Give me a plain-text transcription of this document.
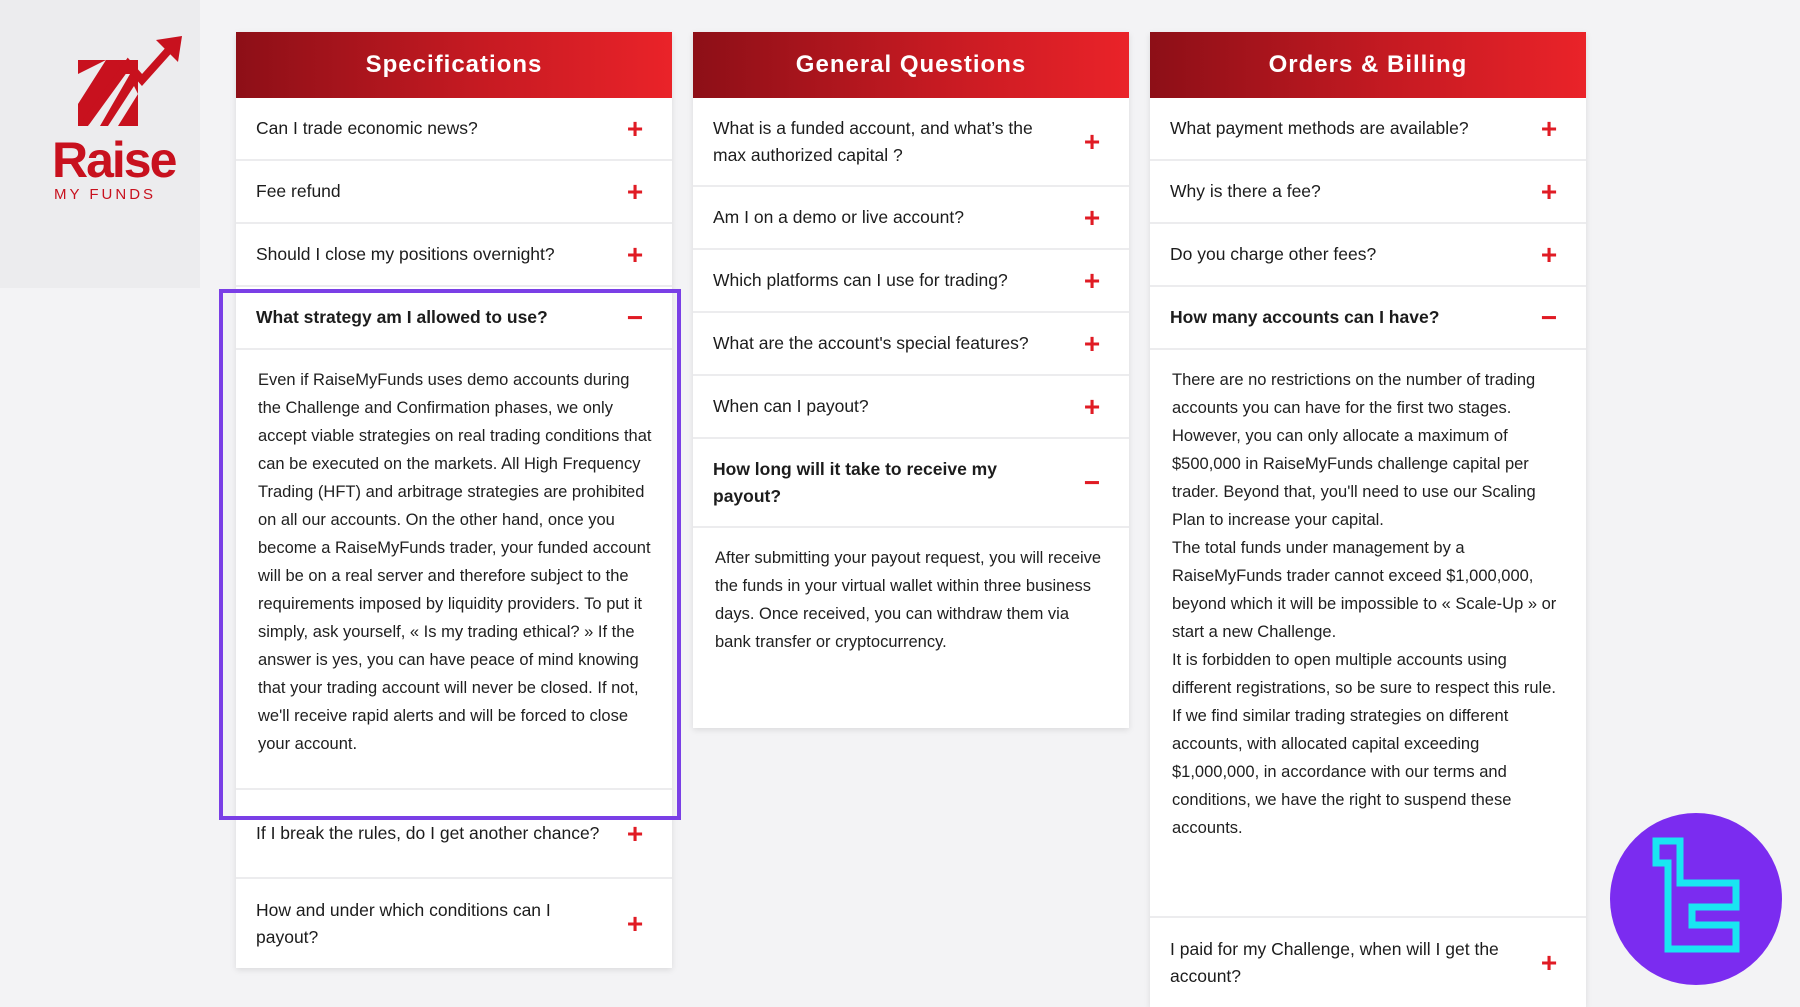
Raise
MY FUNDS
Specifications
Can I trade economic news?	+
Fee refund	+
Should I close my positions overnight?	+
What strategy am I allowed to use?	−

Even if RaiseMyFunds uses demo accounts during the Challenge and Confirmation phases, we only accept viable strategies on real trading conditions that can be executed on the markets. All High Frequency Trading (HFT) and arbitrage strategies are prohibited on all our accounts. On the other hand, once you become a RaiseMyFunds trader, your funded account will be on a real server and therefore subject to the requirements imposed by liquidity providers. To put it simply, ask yourself, « Is my trading ethical? » If the answer is yes, you can have peace of mind knowing that your trading account will never be closed. If not, we'll receive rapid alerts and will be forced to close your account.

If I break the rules, do I get another chance? +
How and under which conditions can I payout?	+
General Questions
What is a funded account, and what’s the max authorized capital ?	+
Am I on a demo or live account?	+
Which platforms can I use for trading?	+
What are the account's special features?	+
When can I payout?	+
How long will it take to receive my payout?	−

After submitting your payout request, you will receive the funds in your virtual wallet within three business days. Once received, you can withdraw them via bank transfer or cryptocurrency.

Orders & Billing
What payment methods are available?	+
Why is there a fee?	+
Do you charge other fees?	+
How many accounts can I have?	−

There are no restrictions on the number of trading accounts you can have for the first two stages. However, you can only allocate a maximum of $500,000 in RaiseMyFunds challenge capital per trader. Beyond that, you'll need to use our Scaling Plan to increase your capital.

The total funds under management by a RaiseMyFunds trader cannot exceed $1,000,000, beyond which it will be impossible to « Scale-Up » or start a new Challenge.

It is forbidden to open multiple accounts using different registrations, so be sure to respect this rule. If we find similar trading strategies on different accounts, with allocated capital exceeding $1,000,000, in accordance with our terms and conditions, we have the right to suspend these accounts.

I paid for my Challenge, when will I get the account?	+
